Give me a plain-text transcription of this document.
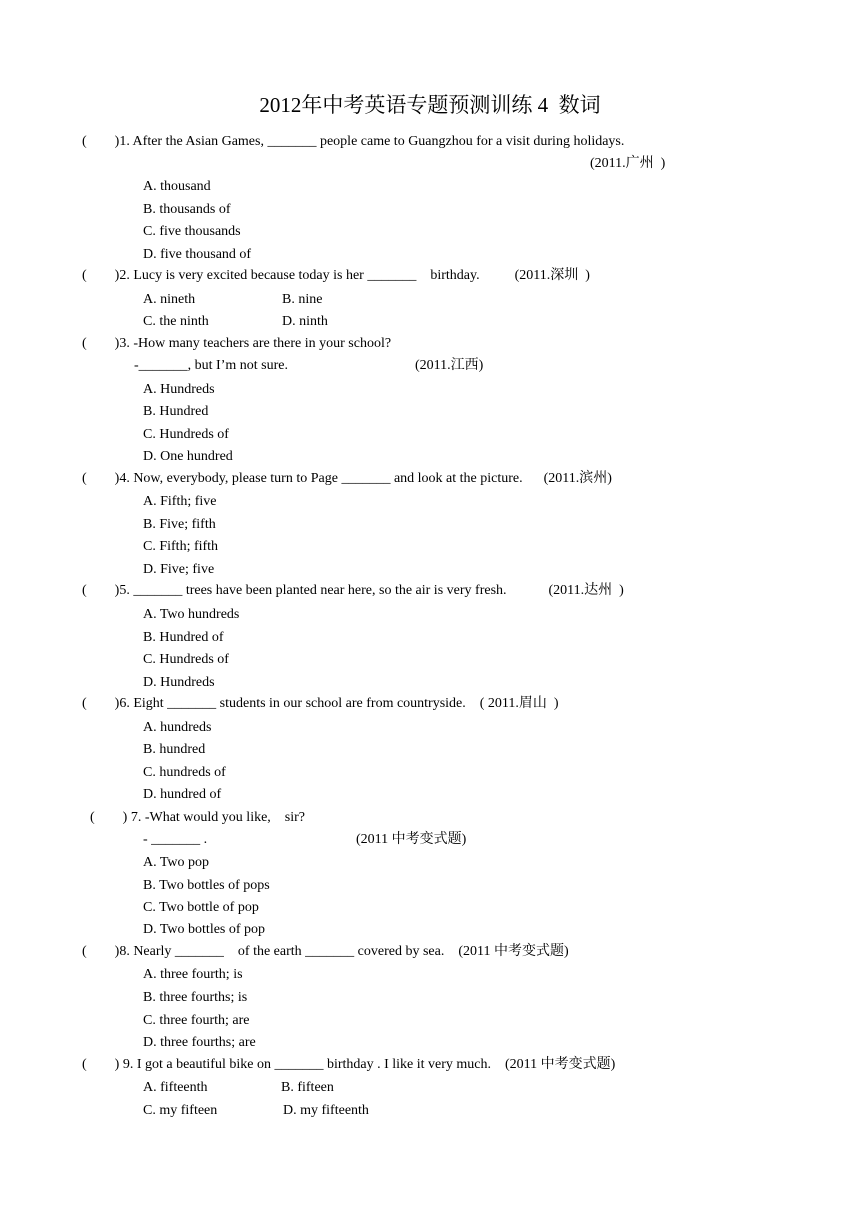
2012年中考英语专题预测训练 4  数词
(        )1. After the Asian Games, _______ people came to Guangzhou for a visit during holidays.
(2011.广州  )
A. thousand
B. thousands of
C. five thousands
D. five thousand of
(        )2. Lucy is very excited because today is her _______    birthday.          (2011.深圳  )
A. nineth	B. nine
C. the ninth	D. ninth
(        )3. -How many teachers are there in your school?
-_______, but I’m not sure.	(2011.江西)
A. Hundreds
B. Hundred
C. Hundreds of
D. One hundred
(        )4. Now, everybody, please turn to Page _______ and look at the picture.      (2011.滨州)
A. Fifth; five
B. Five; fifth
C. Fifth; fifth
D. Five; five
(        )5. _______ trees have been planted near here, so the air is very fresh.            (2011.达州  )
A. Two hundreds
B. Hundred of
C. Hundreds of
D. Hundreds
(        )6. Eight _______ students in our school are from countryside.    ( 2011.眉山  )
A. hundreds
B. hundred
C. hundreds of
D. hundred of
(        ) 7. -What would you like,    sir?
- _______ .	(2011 中考变式题)
A. Two pop
B. Two bottles of pops
C. Two bottle of pop
D. Two bottles of pop
(        )8. Nearly _______    of the earth _______ covered by sea.    (2011 中考变式题)
A. three fourth; is
B. three fourths; is
C. three fourth; are
D. three fourths; are
(        ) 9. I got a beautiful bike on _______ birthday . I like it very much.    (2011 中考变式题)
A. fifteenth	B. fifteen
C. my fifteen	D. my fifteenth
